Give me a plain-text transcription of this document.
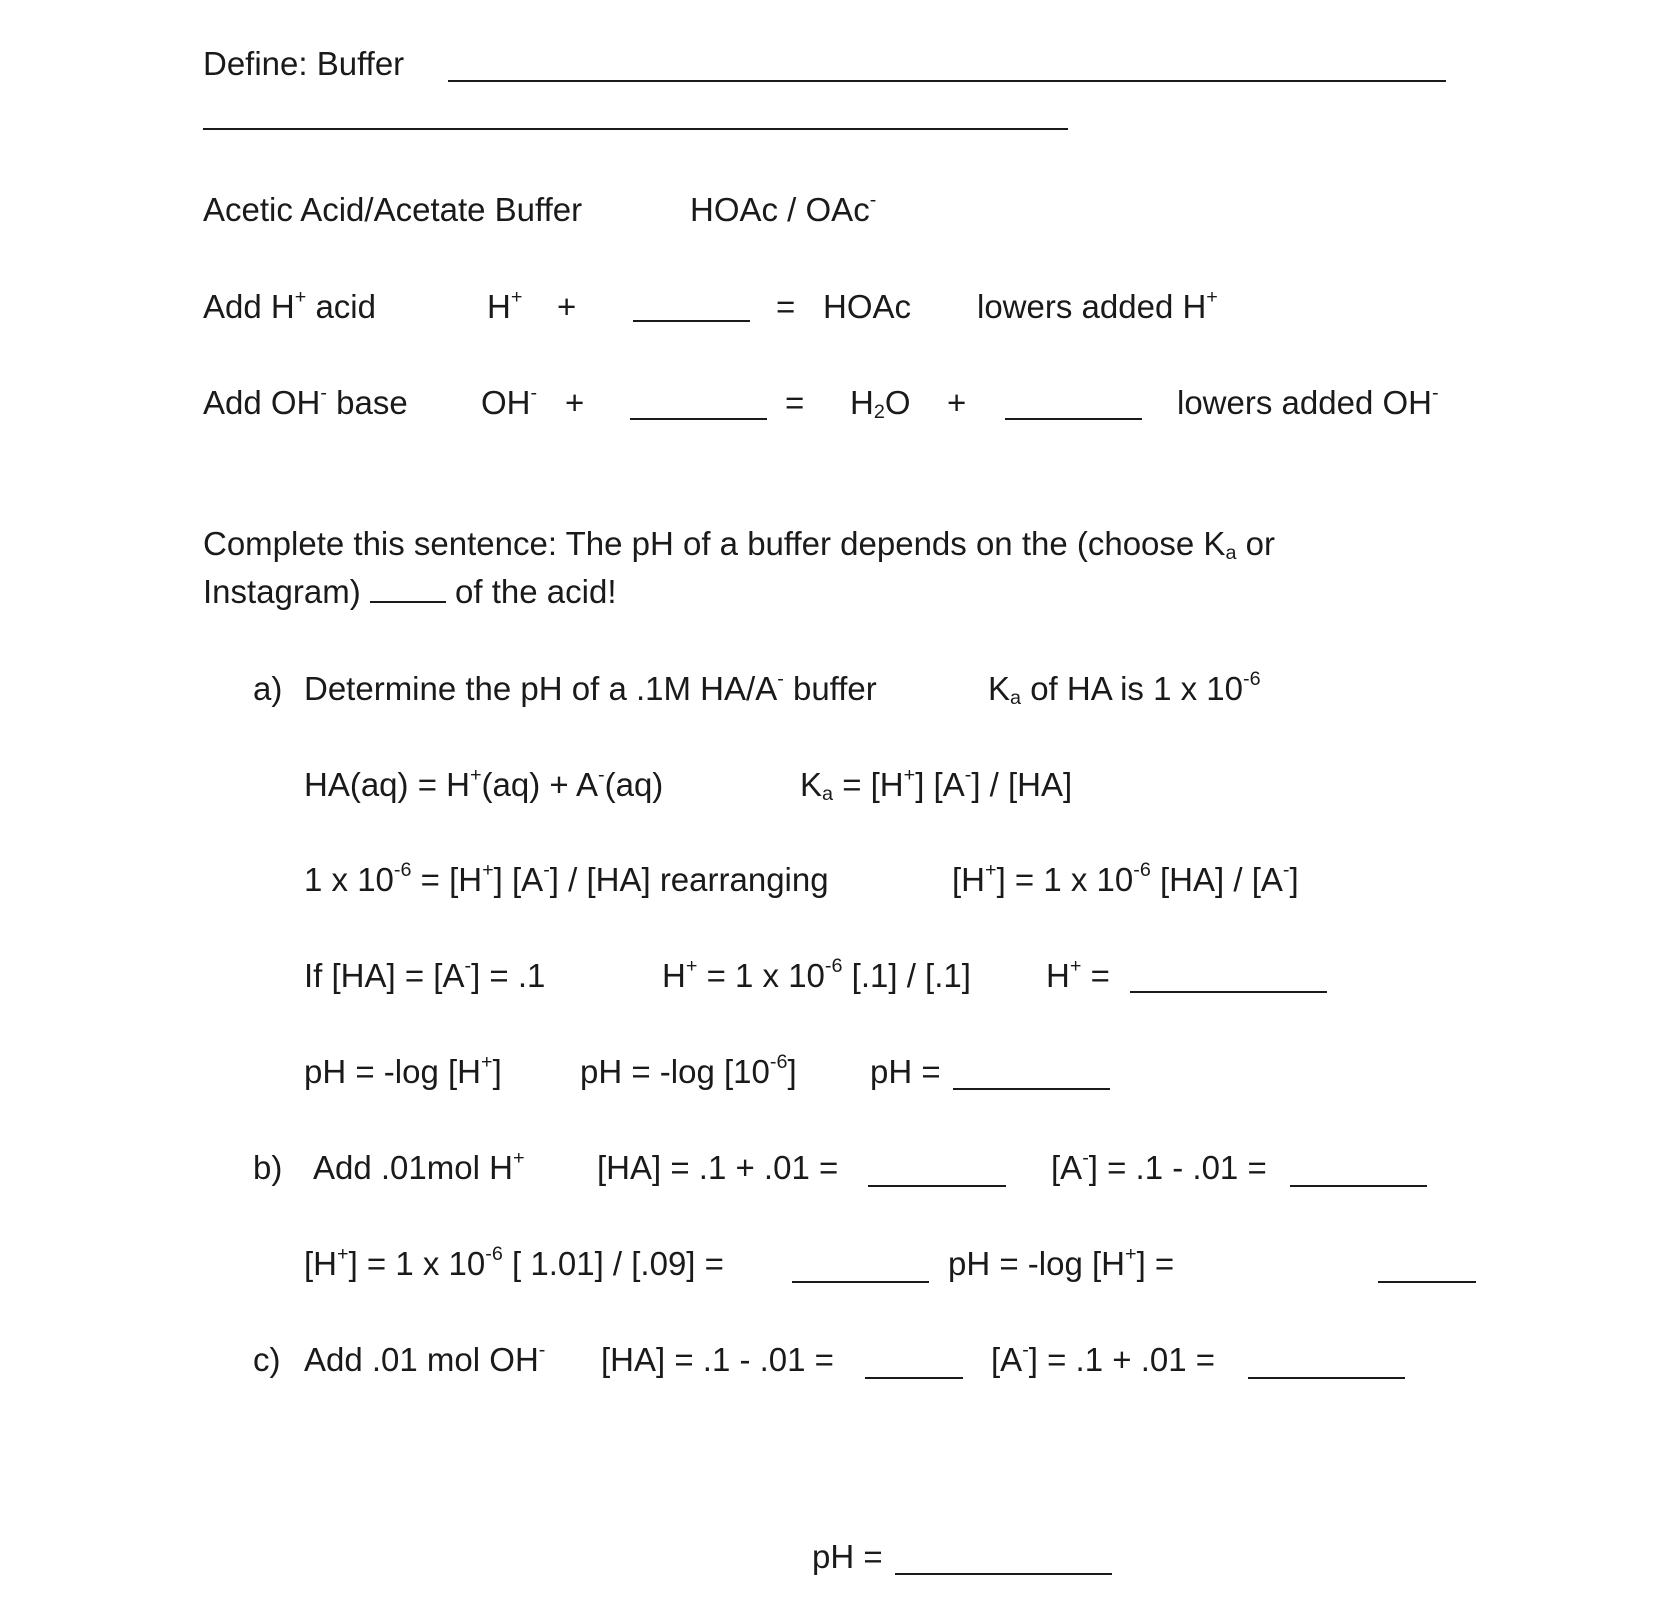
Define: Buffer
Acetic Acid/Acetate Buffer	HOAc / OAc-
Add H+ acid	H+ +	= HOAc lowers added H+
Add OH- base OH- +	= $H_2O$ +	lowers added OH-
Complete this sentence: The pH of a buffer depends on the (choose $K_a$ or
Instagram)  of the acid!
a) Determine the pH of a .1M HA/A- buffer	$K_a$ of HA is 1 x $10^{-6}$
HA(aq) = H+(aq) + A-(aq)	$K_a = [H^+]$ [A-] / [HA]
1 x $10^{-6} = [H^+]$ [A-] / [HA] rearranging	[H+] = 1 x $10^{-6}$ [HA] / [A-]
If [HA] = [A-] = .1	H+ = 1 x $10^{-6}$ [.1] / [.1] H+ =
pH = -log [H+] pH = -log $[10^{-6}]$ pH =
b) Add .01mol H+ [HA] = .1 + .01 =	[A-] = .1 - .01 =
[H+] = 1 x $10^{-6}$ [ 1.01] / [.09] =	pH = -log [H+] =
c) Add .01 mol OH- [HA] = .1 - .01 =	[A-] = .1 + .01 =
pH =
